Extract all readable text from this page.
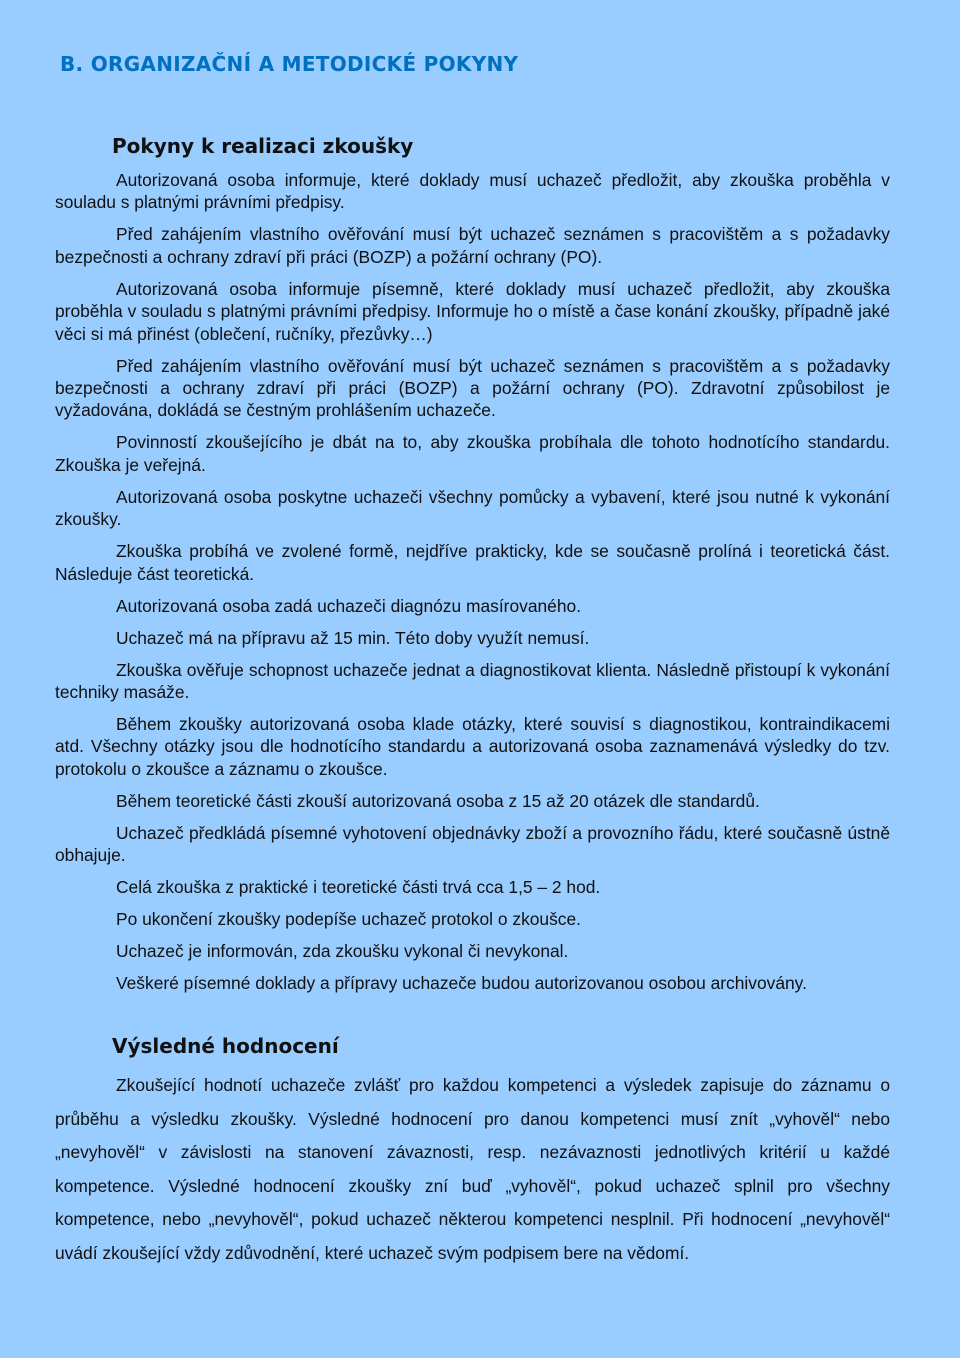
B. ORGANIZAČNÍ A METODICKÉ POKYNY
Pokyny k realizaci zkoušky

Autorizovaná osoba informuje, které doklady musí uchazeč předložit, aby zkouška proběhla v souladu s platnými právními předpisy.

Před zahájením vlastního ověřování musí být uchazeč seznámen s pracovištěm a s požadavky bezpečnosti a ochrany zdraví při práci (BOZP) a požární ochrany (PO).

Autorizovaná osoba informuje písemně, které doklady musí uchazeč předložit, aby zkouška proběhla v souladu s platnými právními předpisy. Informuje ho o místě a čase konání zkoušky, případně jaké věci si má přinést (oblečení, ručníky, přezůvky…)

Před zahájením vlastního ověřování musí být uchazeč seznámen s pracovištěm a s požadavky bezpečnosti a ochrany zdraví při práci (BOZP) a požární ochrany (PO). Zdravotní způsobilost je vyžadována, dokládá se čestným prohlášením uchazeče.

Povinností zkoušejícího je dbát na to, aby zkouška probíhala dle tohoto hodnotícího standardu. Zkouška je veřejná.

Autorizovaná osoba poskytne uchazeči všechny pomůcky a vybavení, které jsou nutné k vykonání zkoušky.

Zkouška probíhá ve zvolené formě, nejdříve prakticky, kde se současně prolíná i teoretická část. Následuje část teoretická.

Autorizovaná osoba zadá uchazeči diagnózu masírovaného.

Uchazeč má na přípravu až 15 min. Této doby využít nemusí.

Zkouška ověřuje schopnost uchazeče jednat a diagnostikovat klienta. Následně přistoupí k vykonání techniky masáže.

Během zkoušky autorizovaná osoba klade otázky, které souvisí s diagnostikou, kontraindikacemi atd. Všechny otázky jsou dle hodnotícího standardu a autorizovaná osoba zaznamenává výsledky do tzv. protokolu o zkoušce a záznamu o zkoušce.

Během teoretické části zkouší autorizovaná osoba z 15 až 20 otázek dle standardů.

Uchazeč předkládá písemné vyhotovení objednávky zboží a provozního řádu, které současně ústně obhajuje.

Celá zkouška z praktické i teoretické části trvá cca 1,5 – 2 hod.

Po ukončení zkoušky podepíše uchazeč protokol o zkoušce.

Uchazeč je informován, zda zkoušku vykonal či nevykonal.

Veškeré písemné doklady a přípravy uchazeče budou autorizovanou osobou archivovány.

Výsledné hodnocení

Zkoušející hodnotí uchazeče zvlášť pro každou kompetenci a výsledek zapisuje do záznamu o průběhu a výsledku zkoušky. Výsledné hodnocení pro danou kompetenci musí znít „vyhověl“ nebo „nevyhověl“ v závislosti na stanovení závaznosti, resp. nezávaznosti jednotlivých kritérií u každé kompetence. Výsledné hodnocení zkoušky zní buď „vyhověl“, pokud uchazeč splnil pro všechny kompetence, nebo „nevyhověl“, pokud uchazeč některou kompetenci nesplnil. Při hodnocení „nevyhověl“ uvádí zkoušející vždy zdůvodnění, které uchazeč svým podpisem bere na vědomí.
